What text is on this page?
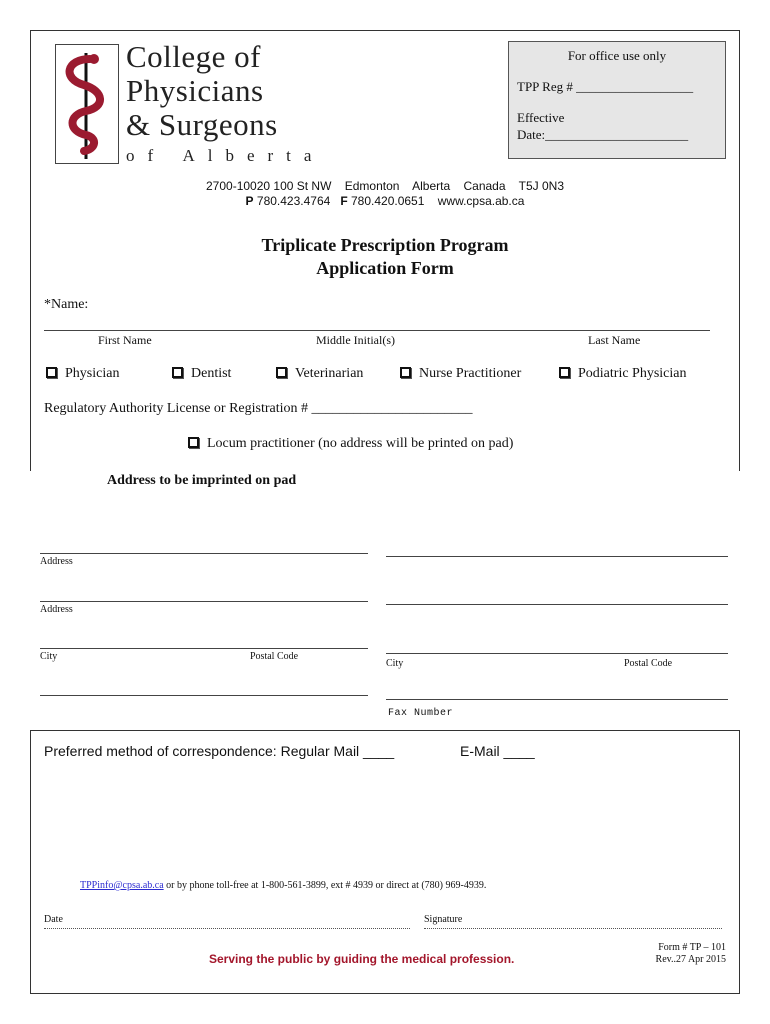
College of
Physicians
& Surgeons
of Alberta
For office use only
TPP Reg # __________________
Effective
Date:______________________
2700-10020 100 St NW    Edmonton    Alberta    Canada    T5J 0N3
P 780.423.4764   F 780.420.0651    www.cpsa.ab.ca
Triplicate Prescription Program
Application Form
*Name:
First Name	Middle Initial(s)	Last Name
Physician	Dentist	Veterinarian	Nurse Practitioner	Podiatric Physician
Regulatory Authority License or Registration # _______________________
Locum practitioner (no address will be printed on pad)
Address to be imprinted on pad
Address
Address
City	Postal Code
City	Postal Code
Fax Number
Preferred method of correspondence: Regular Mail ____	E-Mail ____
TPPinfo@cpsa.ab.ca or by phone toll-free at 1-800-561-3899, ext # 4939 or direct at (780) 969-4939.
Date	Signature
Serving the public by guiding the medical profession.
Form # TP – 101
Rev..27 Apr 2015
